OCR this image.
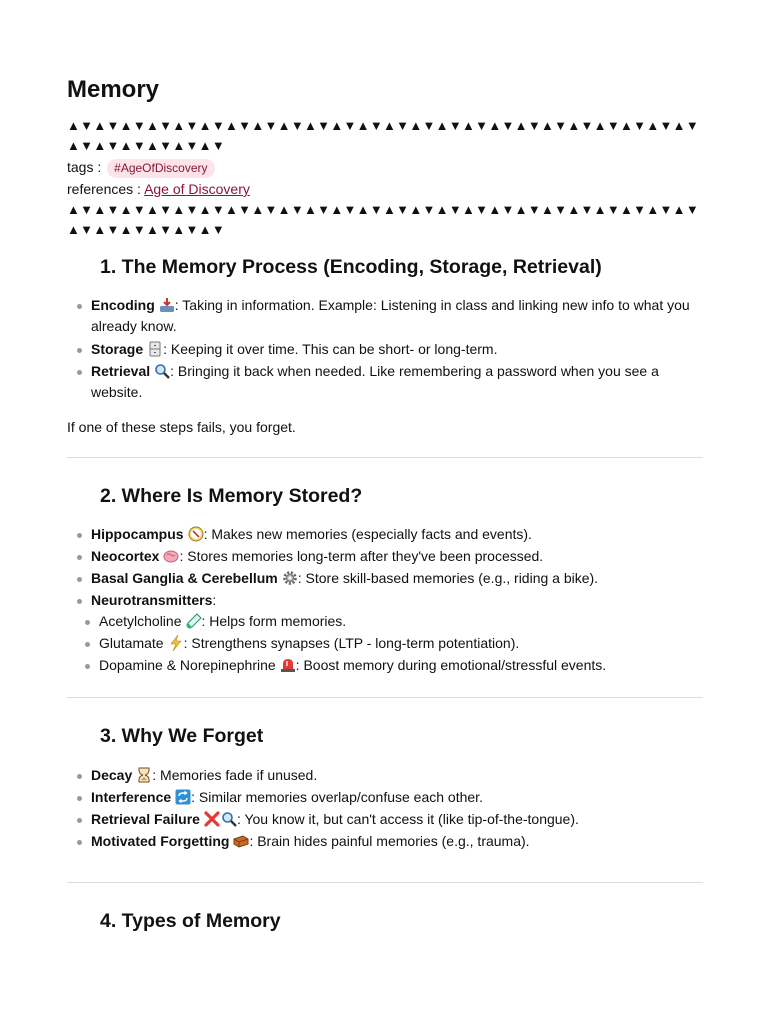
Memory
▲▼▲▼▲▼▲▼▲▼▲▼▲▼▲▼▲▼▲▼▲▼▲▼▲▼▲▼▲▼▲▼▲▼▲▼▲▼▲▼▲▼▲▼▲▼▲▼▲▼▲▼▲▼▲▼▲▼▲▼
tags : #AgeOfDiscovery
references : Age of Discovery
▲▼▲▼▲▼▲▼▲▼▲▼▲▼▲▼▲▼▲▼▲▼▲▼▲▼▲▼▲▼▲▼▲▼▲▼▲▼▲▼▲▼▲▼▲▼▲▼▲▼▲▼▲▼▲▼▲▼▲▼
1. The Memory Process (Encoding, Storage, Retrieval)
Encoding : Taking in information. Example: Listening in class and linking new info to what you already know.
Storage : Keeping it over time. This can be short- or long-term.
Retrieval : Bringing it back when needed. Like remembering a password when you see a website.

If one of these steps fails, you forget.

2. Where Is Memory Stored?
Hippocampus : Makes new memories (especially facts and events).
Neocortex : Stores memories long-term after they've been processed.
Basal Ganglia & Cerebellum : Store skill-based memories (e.g., riding a bike).
Neurotransmitters:
Acetylcholine : Helps form memories.
Glutamate : Strengthens synapses (LTP - long-term potentiation).
Dopamine & Norepinephrine : Boost memory during emotional/stressful events.
3. Why We Forget
Decay : Memories fade if unused.
Interference : Similar memories overlap/confuse each other.
Retrieval Failure	: You know it, but can't access it (like tip-of-the-tongue).
Motivated Forgetting : Brain hides painful memories (e.g., trauma).
4. Types of Memory
